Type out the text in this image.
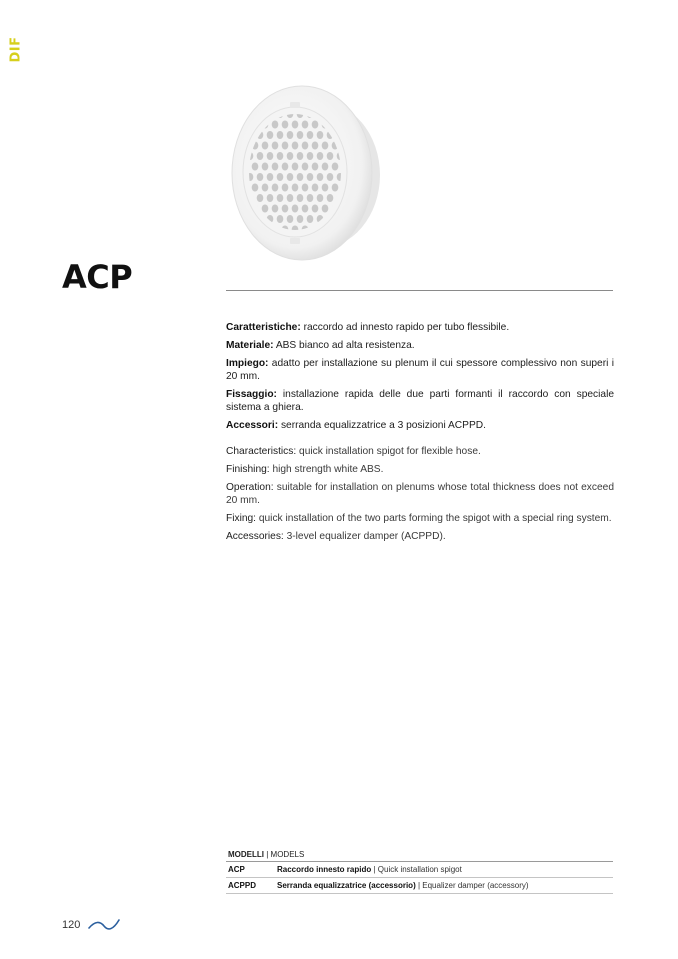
DIF
ACP

Caratteristiche: raccordo ad innesto rapido per tubo flessibile.

Materiale: ABS bianco ad alta resistenza.

Impiego: adatto per installazione su plenum il cui spessore complessivo non superi i 20 mm.

Fissaggio: installazione rapida delle due parti formanti il raccordo con speciale sistema a ghiera.

Accessori: serranda equalizzatrice a 3 posizioni ACPPD.

Characteristics: quick installation spigot for flexible hose.

Finishing: high strength white ABS.

Operation: suitable for installation on plenums whose total thickness does not exceed 20 mm.

Fixing: quick installation of the two parts forming the spigot with a special ring system.

Accessories: 3-level equalizer damper (ACPPD).

MODELLI | MODELS
ACP	Raccordo innesto rapido | Quick installation spigot
ACPPD	Serranda equalizzatrice (accessorio) | Equalizer damper (accessory)
120
